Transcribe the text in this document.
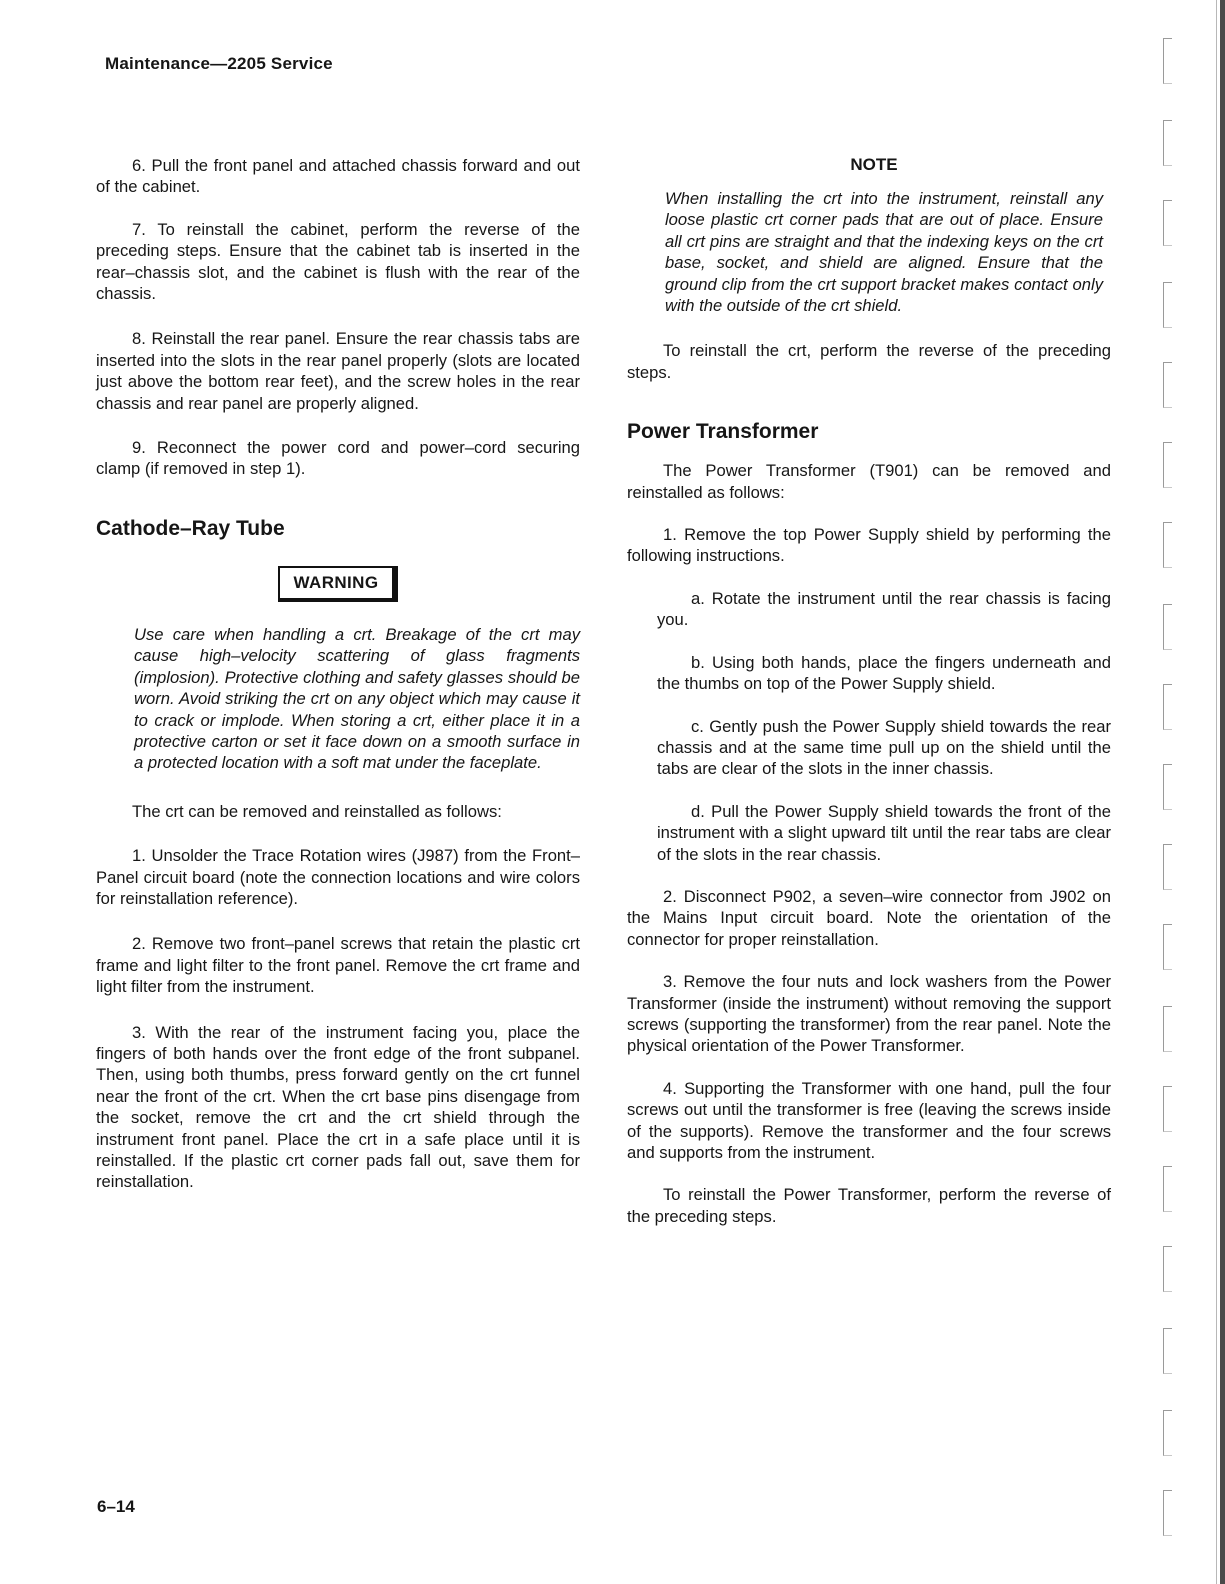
Maintenance—2205 Service

6. Pull the front panel and attached chassis forward and out of the cabinet.

7. To reinstall the cabinet, perform the reverse of the preceding steps. Ensure that the cabinet tab is inserted in the rear–chassis slot, and the cabinet is flush with the rear of the chassis.

8. Reinstall the rear panel. Ensure the rear chassis tabs are inserted into the slots in the rear panel properly (slots are located just above the bottom rear feet), and the screw holes in the rear chassis and rear panel are properly aligned.

9. Reconnect the power cord and power–cord securing clamp (if removed in step 1).

Cathode–Ray Tube
WARNING

Use care when handling a crt. Breakage of the crt may cause high–velocity scattering of glass fragments (implosion). Protective clothing and safety glasses should be worn. Avoid striking the crt on any object which may cause it to crack or implode. When storing a crt, either place it in a protective carton or set it face down on a smooth surface in a protected location with a soft mat under the faceplate.

The crt can be removed and reinstalled as follows:

1. Unsolder the Trace Rotation wires (J987) from the Front–Panel circuit board (note the connection locations and wire colors for reinstallation reference).

2. Remove two front–panel screws that retain the plastic crt frame and light filter to the front panel. Remove the crt frame and light filter from the instrument.

3. With the rear of the instrument facing you, place the fingers of both hands over the front edge of the front subpanel. Then, using both thumbs, press forward gently on the crt funnel near the front of the crt. When the crt base pins disengage from the socket, remove the crt and the crt shield through the instrument front panel. Place the crt in a safe place until it is reinstalled. If the plastic crt corner pads fall out, save them for reinstallation.

NOTE

When installing the crt into the instrument, reinstall any loose plastic crt corner pads that are out of place. Ensure all crt pins are straight and that the indexing keys on the crt base, socket, and shield are aligned. Ensure that the ground clip from the crt support bracket makes contact only with the outside of the crt shield.

To reinstall the crt, perform the reverse of the preceding steps.

Power Transformer

The Power Transformer (T901) can be removed and reinstalled as follows:

1. Remove the top Power Supply shield by performing the following instructions.

a. Rotate the instrument until the rear chassis is facing you.

b. Using both hands, place the fingers underneath and the thumbs on top of the Power Supply shield.

c. Gently push the Power Supply shield towards the rear chassis and at the same time pull up on the shield until the tabs are clear of the slots in the inner chassis.

d. Pull the Power Supply shield towards the front of the instrument with a slight upward tilt until the rear tabs are clear of the slots in the rear chassis.

2. Disconnect P902, a seven–wire connector from J902 on the Mains Input circuit board. Note the orientation of the connector for proper reinstallation.

3. Remove the four nuts and lock washers from the Power Transformer (inside the instrument) without removing the support screws (supporting the transformer) from the rear panel. Note the physical orientation of the Power Transformer.

4. Supporting the Transformer with one hand, pull the four screws out until the transformer is free (leaving the screws inside of the supports). Remove the transformer and the four screws and supports from the instrument.

To reinstall the Power Transformer, perform the reverse of the preceding steps.

6–14
